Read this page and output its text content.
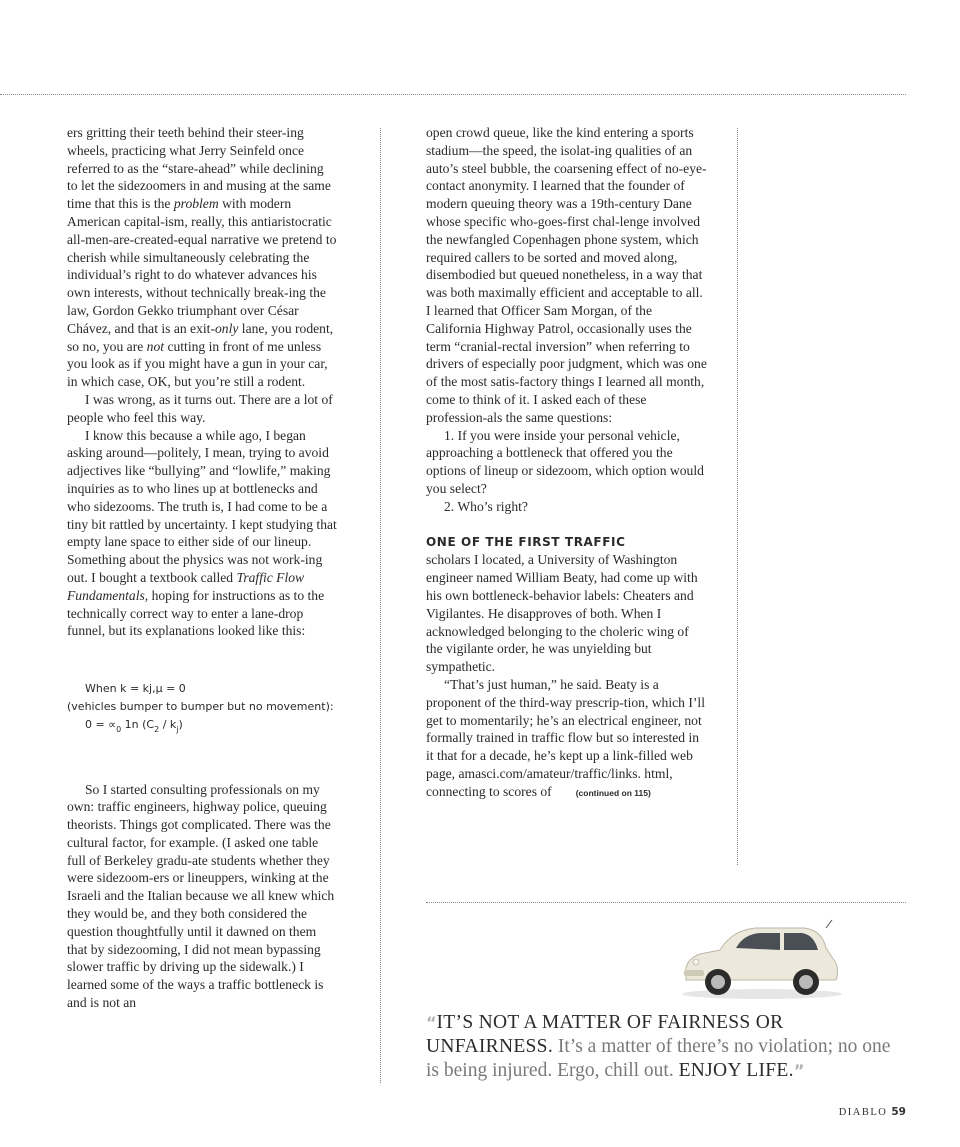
ers gritting their teeth behind their steer-ing wheels, practicing what Jerry Seinfeld once referred to as the “stare-ahead” while declining to let the sidezoomers in and musing at the same time that this is the problem with modern American capital-ism, really, this antiaristocratic all-men-are-created-equal narrative we pretend to cherish while simultaneously celebrating the individual’s right to do whatever advances his own interests, without technically break-ing the law, Gordon Gekko triumphant over César Chávez, and that is an exit-only lane, you rodent, so no, you are not cutting in front of me unless you look as if you might have a gun in your car, in which case, OK, but you’re still a rodent.

I was wrong, as it turns out. There are a lot of people who feel this way.

I know this because a while ago, I began asking around—politely, I mean, trying to avoid adjectives like “bullying” and “lowlife,” making inquiries as to who lines up at bottlenecks and who sidezooms. The truth is, I had come to be a tiny bit rattled by uncertainty. I kept studying that empty lane space to either side of our lineup. Something about the physics was not work-ing out. I bought a textbook called Traffic Flow Fundamentals, hoping for instructions as to the technically correct way to enter a lane-drop funnel, but its explanations looked like this:

When k = kj,μ = 0
(vehicles bumper to bumper but no movement):
$0 = \propto_0$ 1n $(C_2 / k_j)$

So I started consulting professionals on my own: traffic engineers, highway police, queuing theorists. Things got complicated. There was the cultural factor, for example. (I asked one table full of Berkeley gradu-ate students whether they were sidezoom-ers or lineuppers, winking at the Israeli and the Italian because we all knew which they would be, and they both considered the question thoughtfully until it dawned on them that by sidezooming, I did not mean bypassing slower traffic by driving up the sidewalk.) I learned some of the ways a traffic bottleneck is and is not an

open crowd queue, like the kind entering a sports stadium—the speed, the isolat-ing qualities of an auto’s steel bubble, the coarsening effect of no-eye-contact anonymity. I learned that the founder of modern queuing theory was a 19th-century Dane whose specific who-goes-first chal-lenge involved the newfangled Copenhagen phone system, which required callers to be sorted and moved along, disembodied but queued nonetheless, in a way that was both maximally efficient and acceptable to all. I learned that Officer Sam Morgan, of the California Highway Patrol, occasionally uses the term “cranial-rectal inversion” when referring to drivers of especially poor judgment, which was one of the most satis-factory things I learned all month, come to think of it. I asked each of these profession-als the same questions:

1. If you were inside your personal vehicle, approaching a bottleneck that offered you the options of lineup or sidezoom, which option would you select?

2. Who’s right?

ONE OF THE FIRST TRAFFIC

scholars I located, a University of Washington engineer named William Beaty, had come up with his own bottleneck-behavior labels: Cheaters and Vigilantes. He disapproves of both. When I acknowledged belonging to the choleric wing of the vigilante order, he was unyielding but sympathetic.

“That’s just human,” he said. Beaty is a proponent of the third-way prescrip-tion, which I’ll get to momentarily; he’s an electrical engineer, not formally trained in traffic flow but so interested in it that for a decade, he’s kept up a link-filled web page, amasci.com/amateur/traffic/links. html, connecting to scores of	(continued on 115)

“IT’S NOT A MATTER OF FAIRNESS OR UNFAIRNESS. It’s a matter of there’s no violation; no one is being injured. Ergo, chill out. ENJOY LIFE.”
DIABLO 59
